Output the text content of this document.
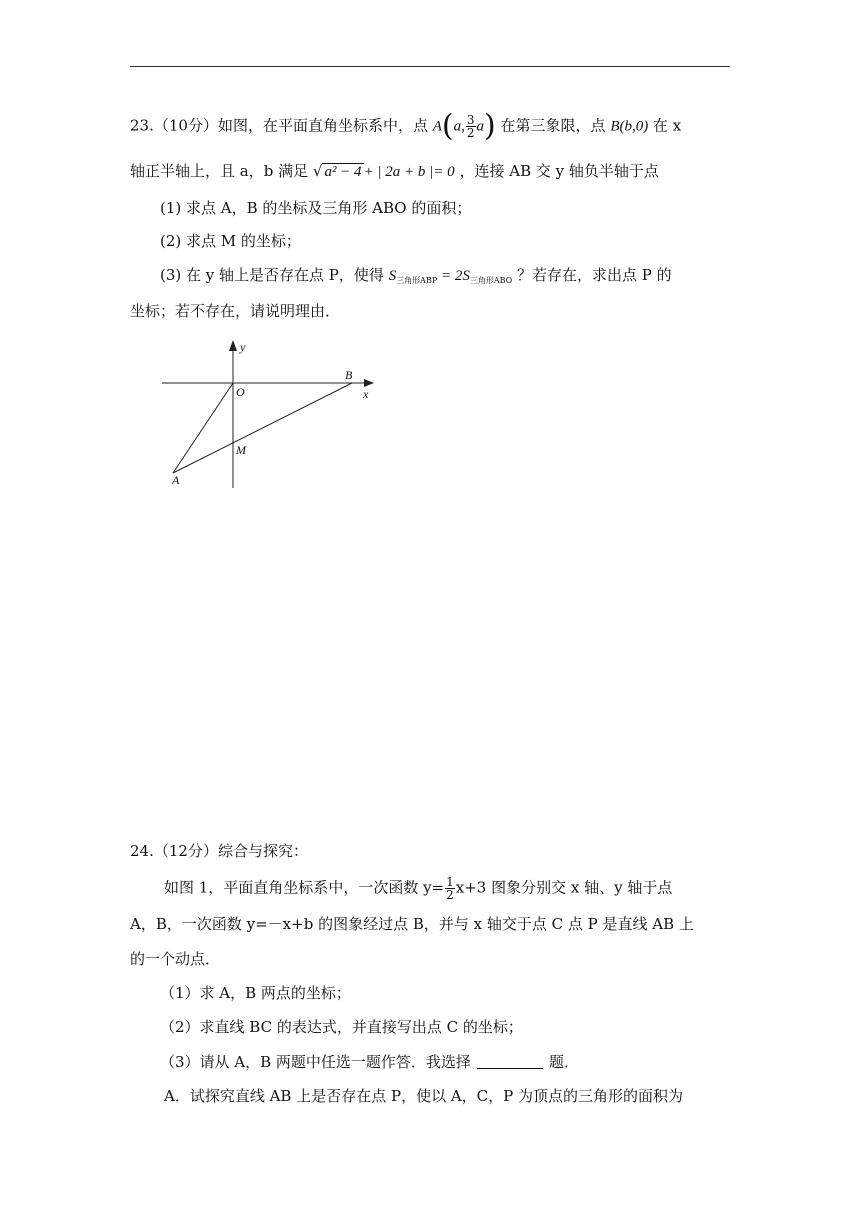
23.（10分）如图，在平面直角坐标系中，点 A(a, $\frac{3}{2} a$) 在第三象限，点 B(b,0) 在 x
轴正半轴上，且 a，b 满足 √ a² − 4 + | 2a + b |= 0 ，连接 AB 交 y 轴负半轴于点
(1) 求点 A，B 的坐标及三角形 ABO 的面积；
(2) 求点 M 的坐标；
(3) 在 y 轴上是否存在点 P，使得 $S_{三角形ABP} = 2S_{三角形ABO}$ ？若存在，求出点 P 的
坐标；若不存在，请说明理由．
y
x
O
B
M
A
24.（12分）综合与探究：
如图 1，平面直角坐标系中，一次函数 $y= \frac{1}{2} x+3$ 图象分别交 x 轴、y 轴于点
A，B，一次函数 y=－x+b 的图象经过点 B，并与 x 轴交于点 C 点 P 是直线 AB 上
的一个动点．
（1）求 A，B 两点的坐标；
（2）求直线 BC 的表达式，并直接写出点 C 的坐标；
（3）请从 A，B 两题中任选一题作答．我选择	题．
A．试探究直线 AB 上是否存在点 P，使以 A，C，P 为顶点的三角形的面积为
